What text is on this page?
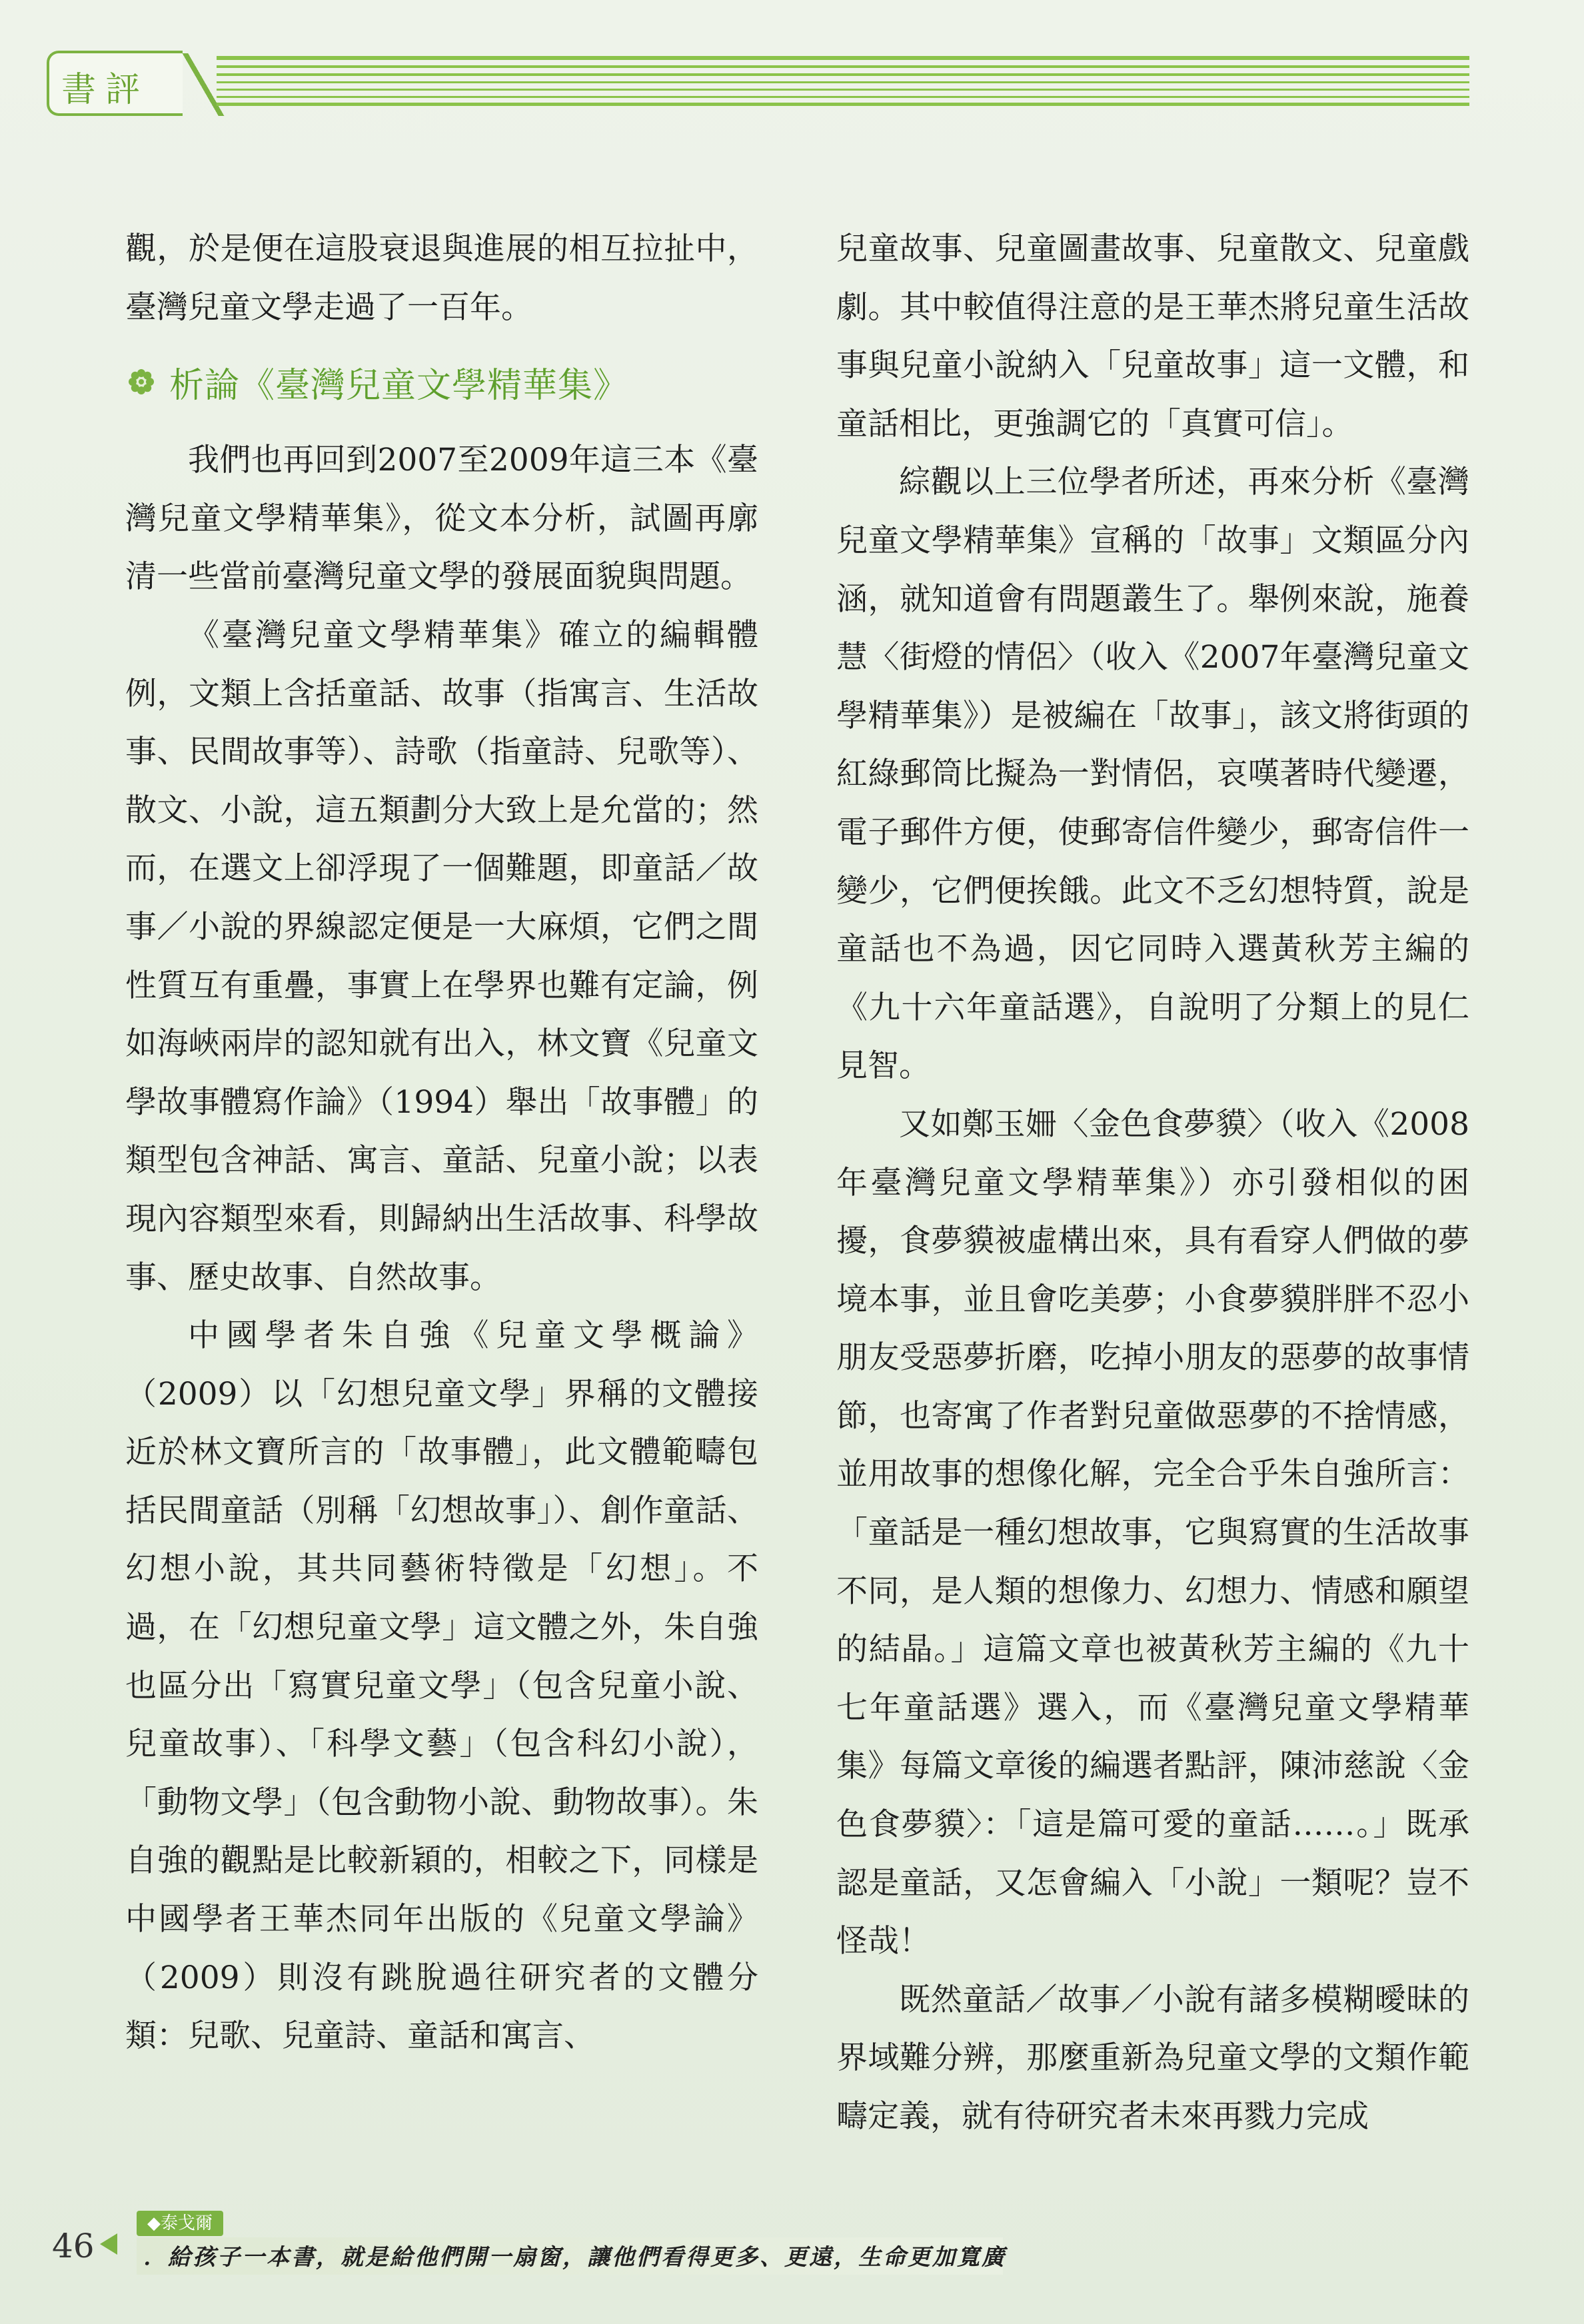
書評

觀，於是便在這股衰退與進展的相互拉扯中，臺灣兒童文學走過了一百年。

析論《臺灣兒童文學精華集》

我們也再回到2007至2009年這三本《臺灣兒童文學精華集》，從文本分析，試圖再廓清一些當前臺灣兒童文學的發展面貌與問題。

《臺灣兒童文學精華集》確立的編輯體例，文類上含括童話、故事（指寓言、生活故事、民間故事等）、詩歌（指童詩、兒歌等）、散文、小說，這五類劃分大致上是允當的；然而，在選文上卻浮現了一個難題，即童話／故事／小說的界線認定便是一大麻煩，它們之間性質互有重疊，事實上在學界也難有定論，例如海峽兩岸的認知就有出入，林文寶《兒童文學故事體寫作論》（1994）舉出「故事體」的類型包含神話、寓言、童話、兒童小說；以表現內容類型來看，則歸納出生活故事、科學故事、歷史故事、自然故事。

中國學者朱自強《兒童文學概論》（2009）以「幻想兒童文學」界稱的文體接近於林文寶所言的「故事體」，此文體範疇包括民間童話（別稱「幻想故事」）、創作童話、幻想小說，其共同藝術特徵是「幻想」。不過，在「幻想兒童文學」這文體之外，朱自強也區分出「寫實兒童文學」（包含兒童小說、兒童故事）、「科學文藝」（包含科幻小說），「動物文學」（包含動物小說、動物故事）。朱自強的觀點是比較新穎的，相較之下，同樣是中國學者王華杰同年出版的《兒童文學論》（2009）則沒有跳脫過往研究者的文體分類：兒歌、兒童詩、童話和寓言、

兒童故事、兒童圖畫故事、兒童散文、兒童戲劇。其中較值得注意的是王華杰將兒童生活故事與兒童小說納入「兒童故事」這一文體，和童話相比，更強調它的「真實可信」。

綜觀以上三位學者所述，再來分析《臺灣兒童文學精華集》宣稱的「故事」文類區分內涵，就知道會有問題叢生了。舉例來說，施養慧〈街燈的情侶〉（收入《2007年臺灣兒童文學精華集》）是被編在「故事」，該文將街頭的紅綠郵筒比擬為一對情侶，哀嘆著時代變遷，電子郵件方便，使郵寄信件變少，郵寄信件一變少，它們便挨餓。此文不乏幻想特質，說是童話也不為過，因它同時入選黃秋芳主編的《九十六年童話選》，自說明了分類上的見仁見智。

又如鄭玉姍〈金色食夢貘〉（收入《2008年臺灣兒童文學精華集》）亦引發相似的困擾，食夢貘被虛構出來，具有看穿人們做的夢境本事，並且會吃美夢；小食夢貘胖胖不忍小朋友受惡夢折磨，吃掉小朋友的惡夢的故事情節，也寄寓了作者對兒童做惡夢的不捨情感，並用故事的想像化解，完全合乎朱自強所言：「童話是一種幻想故事，它與寫實的生活故事不同，是人類的想像力、幻想力、情感和願望的結晶。」這篇文章也被黃秋芳主編的《九十七年童話選》選入，而《臺灣兒童文學精華集》每篇文章後的編選者點評，陳沛慈說〈金色食夢貘〉：「這是篇可愛的童話……。」既承認是童話，又怎會編入「小說」一類呢？豈不怪哉！

既然童話／故事／小說有諸多模糊曖昧的界域難分辨，那麼重新為兒童文學的文類作範疇定義，就有待研究者未來再戮力完成

46
◆泰戈爾
．給孩子一本書，就是給他們開一扇窗，讓他們看得更多、更遠，生命更加寬廣
